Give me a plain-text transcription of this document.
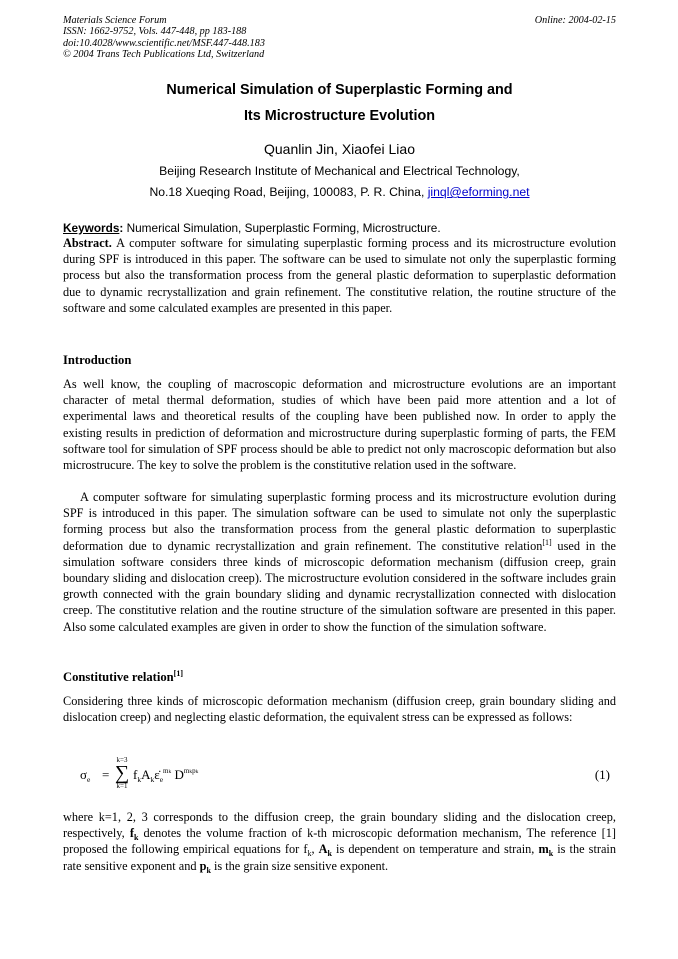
Materials Science Forum
ISSN: 1662-9752, Vols. 447-448, pp 183-188
doi:10.4028/www.scientific.net/MSF.447-448.183
© 2004 Trans Tech Publications Ltd, Switzerland
Online: 2004-02-15
Numerical Simulation of Superplastic Forming and
Its Microstructure Evolution
Quanlin Jin, Xiaofei Liao
Beijing Research Institute of Mechanical and Electrical Technology,
No.18 Xueqing Road, Beijing, 100083, P. R. China, jinql@eforming.net
Keywords: Numerical Simulation, Superplastic Forming, Microstructure.
Abstract. A computer software for simulating superplastic forming process and its microstructure evolution during SPF is introduced in this paper. The software can be used to simulate not only the superplastic forming process but also the transformation process from the general plastic deformation to superplastic deformation due to dynamic recrystallization and grain refinement. The constitutive relation, the routine structure of the software and some calculated examples are presented in this paper.
Introduction
As well know, the coupling of macroscopic deformation and microstructure evolutions are an important character of metal thermal deformation, studies of which have been paid more attention and a lot of experimental laws and theoretical results of the coupling have been published now. In order to apply the existing results in prediction of deformation and microstructure during superplastic forming of parts, the FEM software tool for simulation of SPF process should be able to predict not only macroscopic deformation but also microstrucure. The key to solve the problem is the constitutive relation used in the software.
A computer software for simulating superplastic forming process and its microstructure evolution during SPF is introduced in this paper. The simulation software can be used to simulate not only the superplastic forming process but also the transformation process from the general plastic deformation to superplastic deformation due to dynamic recrystallization and grain refinement. The constitutive relation[1] used in the simulation software considers three kinds of microscopic deformation mechanism (diffusion creep, grain boundary sliding and dislocation creep). The microstructure evolution considered in the software includes grain growth connected with the grain boundary sliding and dynamic recrystallization connected with dislocation creep. The constitutive relation and the routine structure of the simulation software are presented in this paper. Also some calculated examples are given in order to show the function of the simulation software.
Constitutive relation[1]
Considering three kinds of microscopic deformation mechanism (diffusion creep, grain boundary sliding and dislocation creep) and neglecting elastic deformation, the equivalent stress can be expressed as follows:
$\sigma_e$ =
k=3
∑
k=1
$f_kA_k\varepsiloṅ_e^{mk}$ $D^{mkpk}$	(1)
where k=1, 2, 3 corresponds to the diffusion creep, the grain boundary sliding and the dislocation creep, respectively, $f_k$ denotes the volume fraction of k-th microscopic deformation mechanism, The reference [1] proposed the following empirical equations for $f_k$, $A_k$ is dependent on temperature and strain, $m_k$ is the strain rate sensitive exponent and $p_k$ is the grain size sensitive exponent.
